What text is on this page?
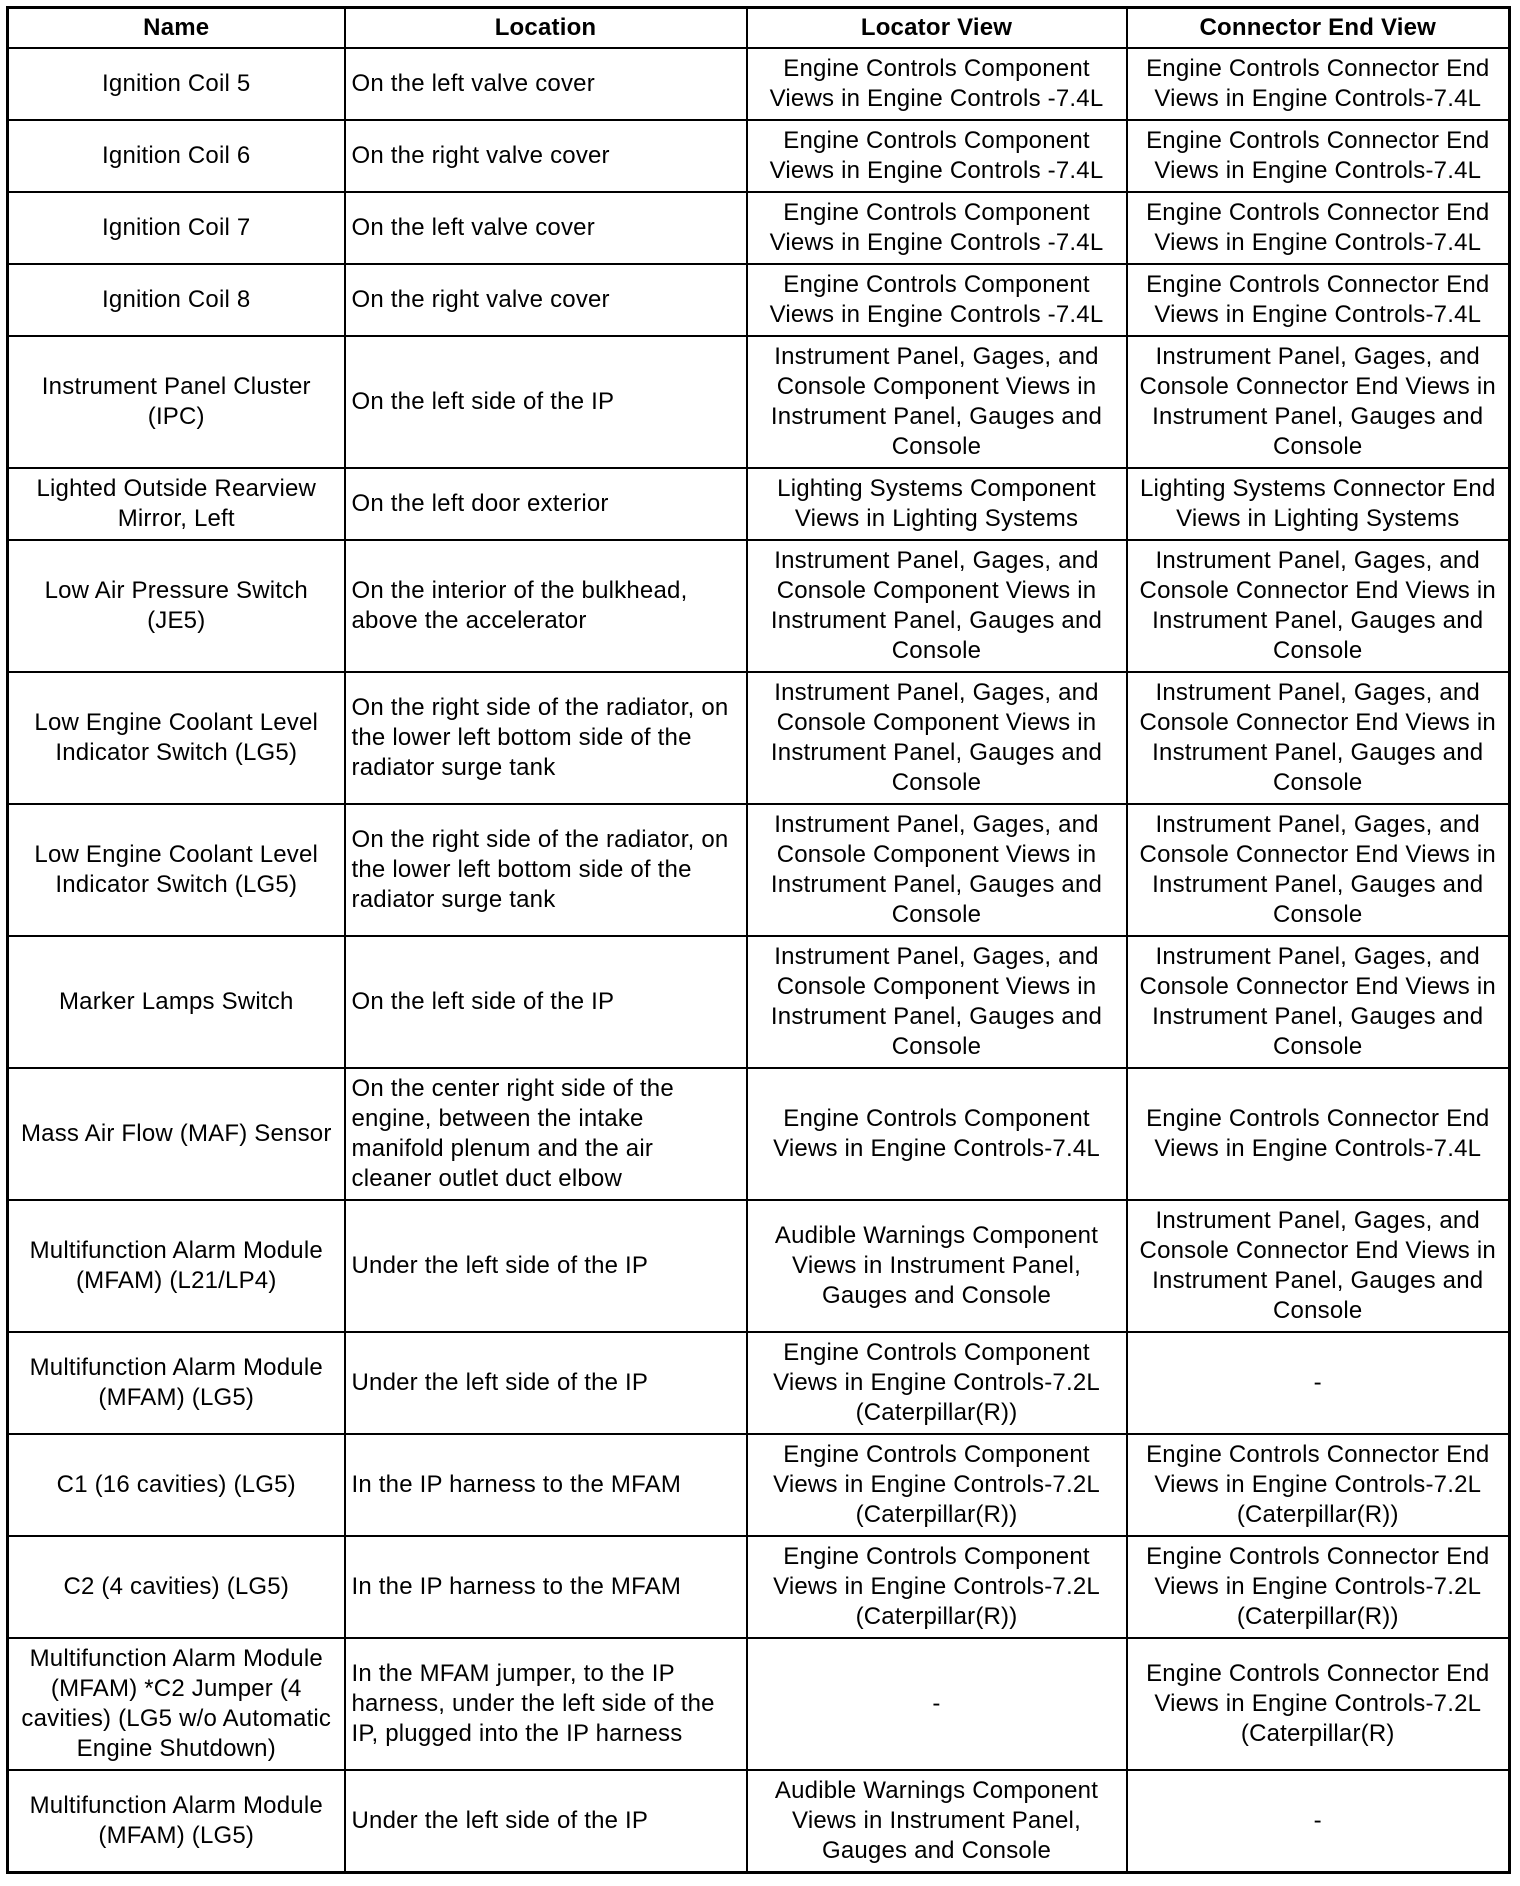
Name	Location	Locator View	Connector End View
Ignition Coil 5	On the left valve cover	Engine Controls Component
Views in Engine Controls -7.4L	Engine Controls Connector End
Views in Engine Controls-7.4L
Ignition Coil 6	On the right valve cover	Engine Controls Component
Views in Engine Controls -7.4L	Engine Controls Connector End
Views in Engine Controls-7.4L
Ignition Coil 7	On the left valve cover	Engine Controls Component
Views in Engine Controls -7.4L	Engine Controls Connector End
Views in Engine Controls-7.4L
Ignition Coil 8	On the right valve cover	Engine Controls Component
Views in Engine Controls -7.4L	Engine Controls Connector End
Views in Engine Controls-7.4L
Instrument Panel Cluster
(IPC)	On the left side of the IP	Instrument Panel, Gages, and
Console Component Views in
Instrument Panel, Gauges and
Console	Instrument Panel, Gages, and
Console Connector End Views in
Instrument Panel, Gauges and
Console
Lighted Outside Rearview
Mirror, Left	On the left door exterior	Lighting Systems Component
Views in Lighting Systems	Lighting Systems Connector End
Views in Lighting Systems
Low Air Pressure Switch
(JE5)	On the interior of the bulkhead,
above the accelerator	Instrument Panel, Gages, and
Console Component Views in
Instrument Panel, Gauges and
Console	Instrument Panel, Gages, and
Console Connector End Views in
Instrument Panel, Gauges and
Console
Low Engine Coolant Level
Indicator Switch (LG5)	On the right side of the radiator, on
the lower left bottom side of the
radiator surge tank	Instrument Panel, Gages, and
Console Component Views in
Instrument Panel, Gauges and
Console	Instrument Panel, Gages, and
Console Connector End Views in
Instrument Panel, Gauges and
Console
Low Engine Coolant Level
Indicator Switch (LG5)	On the right side of the radiator, on
the lower left bottom side of the
radiator surge tank	Instrument Panel, Gages, and
Console Component Views in
Instrument Panel, Gauges and
Console	Instrument Panel, Gages, and
Console Connector End Views in
Instrument Panel, Gauges and
Console
Marker Lamps Switch	On the left side of the IP	Instrument Panel, Gages, and
Console Component Views in
Instrument Panel, Gauges and
Console	Instrument Panel, Gages, and
Console Connector End Views in
Instrument Panel, Gauges and
Console
Mass Air Flow (MAF) Sensor	On the center right side of the
engine, between the intake
manifold plenum and the air
cleaner outlet duct elbow	Engine Controls Component
Views in Engine Controls-7.4L	Engine Controls Connector End
Views in Engine Controls-7.4L
Multifunction Alarm Module
(MFAM) (L21/LP4)	Under the left side of the IP	Audible Warnings Component
Views in Instrument Panel,
Gauges and Console	Instrument Panel, Gages, and
Console Connector End Views in
Instrument Panel, Gauges and
Console
Multifunction Alarm Module
(MFAM) (LG5)	Under the left side of the IP	Engine Controls Component
Views in Engine Controls-7.2L
(Caterpillar(R))	-
C1 (16 cavities) (LG5)	In the IP harness to the MFAM	Engine Controls Component
Views in Engine Controls-7.2L
(Caterpillar(R))	Engine Controls Connector End
Views in Engine Controls-7.2L
(Caterpillar(R))
C2 (4 cavities) (LG5)	In the IP harness to the MFAM	Engine Controls Component
Views in Engine Controls-7.2L
(Caterpillar(R))	Engine Controls Connector End
Views in Engine Controls-7.2L
(Caterpillar(R))
Multifunction Alarm Module
(MFAM) *C2 Jumper (4
cavities) (LG5 w/o Automatic
Engine Shutdown)	In the MFAM jumper, to the IP
harness, under the left side of the
IP, plugged into the IP harness	-	Engine Controls Connector End
Views in Engine Controls-7.2L
(Caterpillar(R)
Multifunction Alarm Module
(MFAM) (LG5)	Under the left side of the IP	Audible Warnings Component
Views in Instrument Panel,
Gauges and Console	-
